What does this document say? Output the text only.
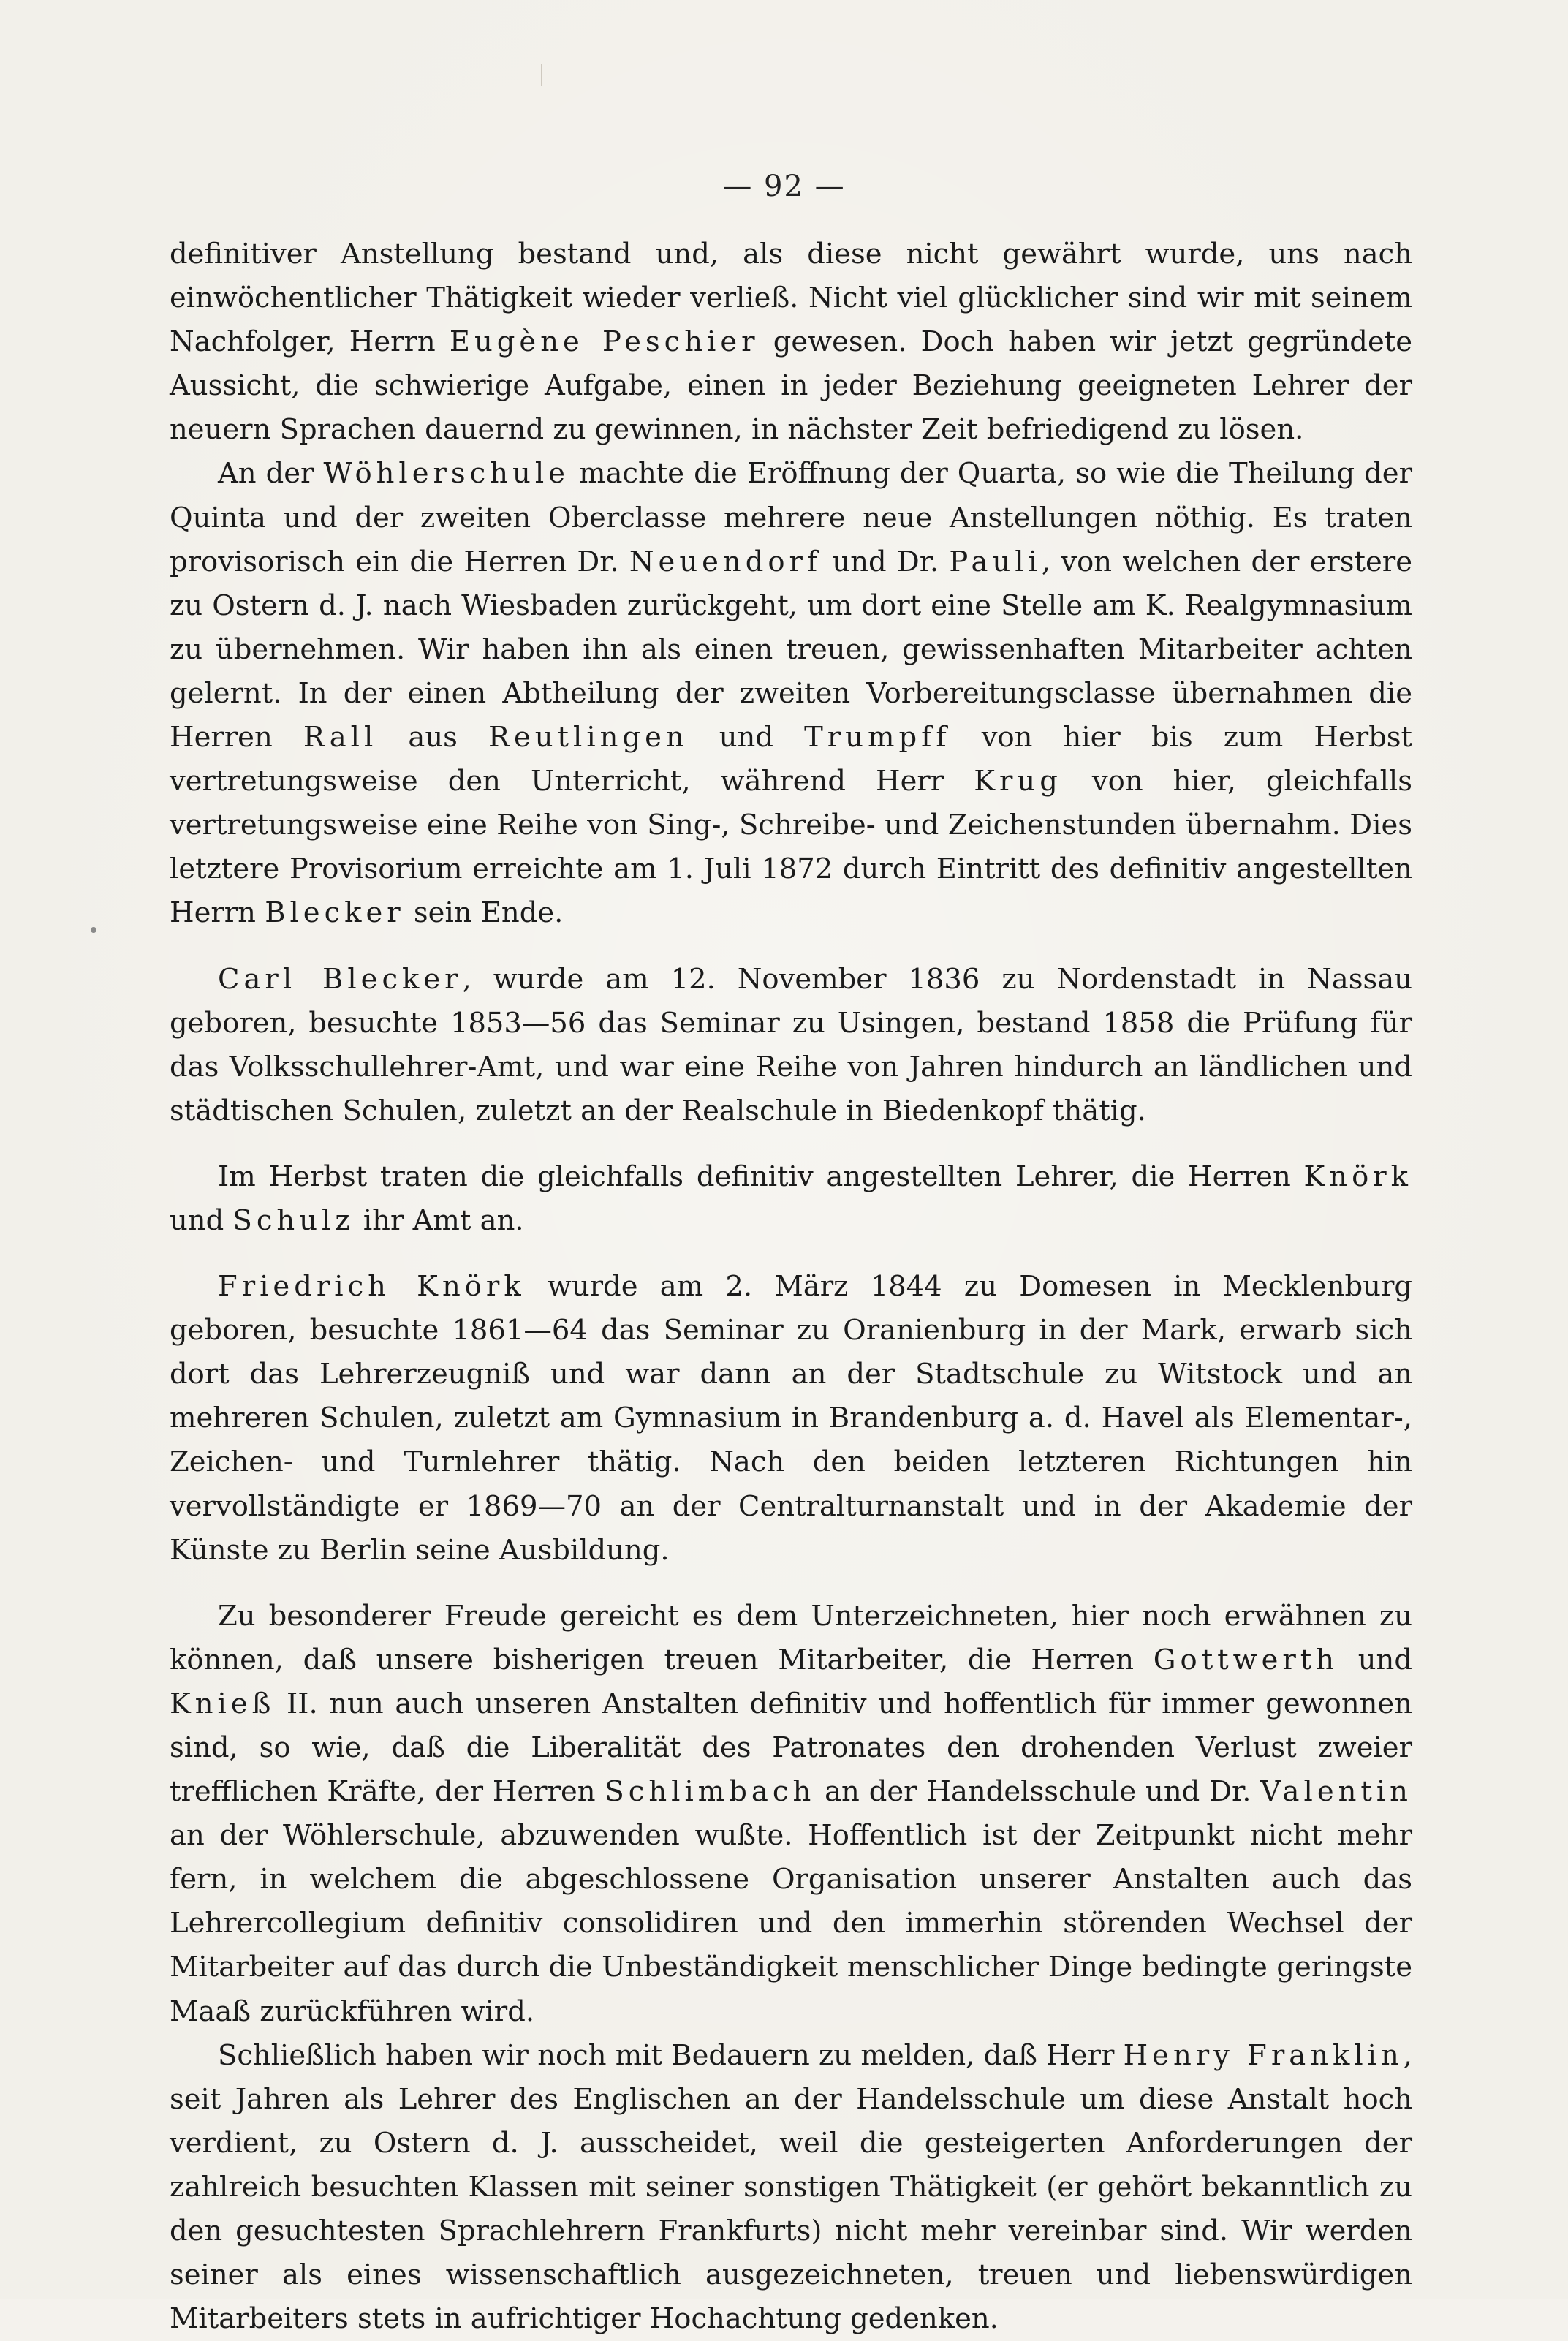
— 92 —

definitiver Anstellung bestand und, als diese nicht gewährt wurde, uns nach einwöchentlicher Thätigkeit wieder verließ. Nicht viel glücklicher sind wir mit seinem Nachfolger, Herrn Eugène Peschier gewesen. Doch haben wir jetzt gegründete Aussicht, die schwierige Aufgabe, einen in jeder Beziehung geeigneten Lehrer der neuern Sprachen dauernd zu gewinnen, in nächster Zeit befriedigend zu lösen.

An der Wöhlerschule machte die Eröffnung der Quarta, so wie die Theilung der Quinta und der zweiten Oberclasse mehrere neue Anstellungen nöthig. Es traten provisorisch ein die Herren Dr. Neuendorf und Dr. Pauli, von welchen der erstere zu Ostern d. J. nach Wiesbaden zurückgeht, um dort eine Stelle am K. Realgymnasium zu übernehmen. Wir haben ihn als einen treuen, gewissenhaften Mitarbeiter achten gelernt. In der einen Abtheilung der zweiten Vorbereitungsclasse übernahmen die Herren Rall aus Reutlingen und Trumpff von hier bis zum Herbst vertretungsweise den Unterricht, während Herr Krug von hier, gleichfalls vertretungsweise eine Reihe von Sing-, Schreibe- und Zeichenstunden übernahm. Dies letztere Provisorium erreichte am 1. Juli 1872 durch Eintritt des definitiv angestellten Herrn Blecker sein Ende.

Carl Blecker, wurde am 12. November 1836 zu Nordenstadt in Nassau geboren, besuchte 1853—56 das Seminar zu Usingen, bestand 1858 die Prüfung für das Volksschullehrer-Amt, und war eine Reihe von Jahren hindurch an ländlichen und städtischen Schulen, zuletzt an der Realschule in Biedenkopf thätig.

Im Herbst traten die gleichfalls definitiv angestellten Lehrer, die Herren Knörk und Schulz ihr Amt an.

Friedrich Knörk wurde am 2. März 1844 zu Domesen in Mecklenburg geboren, besuchte 1861—64 das Seminar zu Oranienburg in der Mark, erwarb sich dort das Lehrerzeugniß und war dann an der Stadtschule zu Witstock und an mehreren Schulen, zuletzt am Gymnasium in Brandenburg a. d. Havel als Elementar-, Zeichen- und Turnlehrer thätig. Nach den beiden letzteren Richtungen hin vervollständigte er 1869—70 an der Centralturnanstalt und in der Akademie der Künste zu Berlin seine Ausbildung.

Zu besonderer Freude gereicht es dem Unterzeichneten, hier noch erwähnen zu können, daß unsere bisherigen treuen Mitarbeiter, die Herren Gottwerth und Knieß II. nun auch unseren Anstalten definitiv und hoffentlich für immer gewonnen sind, so wie, daß die Liberalität des Patronates den drohenden Verlust zweier trefflichen Kräfte, der Herren Schlimbach an der Handelsschule und Dr. Valentin an der Wöhlerschule, abzuwenden wußte. Hoffentlich ist der Zeitpunkt nicht mehr fern, in welchem die abgeschlossene Organisation unserer Anstalten auch das Lehrercollegium definitiv consolidiren und den immerhin störenden Wechsel der Mitarbeiter auf das durch die Unbeständigkeit menschlicher Dinge bedingte geringste Maaß zurückführen wird.

Schließlich haben wir noch mit Bedauern zu melden, daß Herr Henry Franklin, seit Jahren als Lehrer des Englischen an der Handelsschule um diese Anstalt hoch verdient, zu Ostern d. J. ausscheidet, weil die gesteigerten Anforderungen der zahlreich besuchten Klassen mit seiner sonstigen Thätigkeit (er gehört bekanntlich zu den gesuchtesten Sprachlehrern Frankfurts) nicht mehr vereinbar sind. Wir werden seiner als eines wissenschaftlich ausgezeichneten, treuen und liebenswürdigen Mitarbeiters stets in aufrichtiger Hochachtung gedenken.
